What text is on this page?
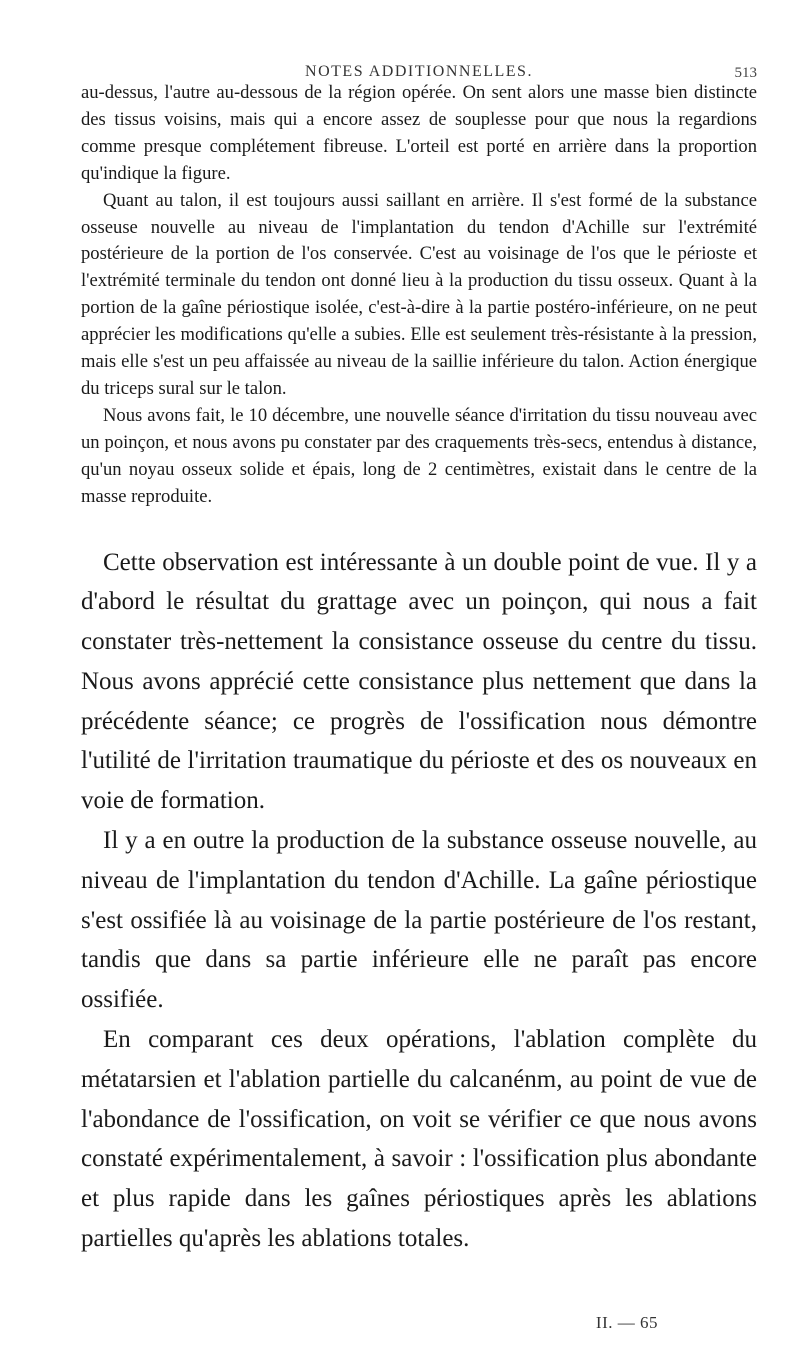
NOTES ADDITIONNELLES.	513

au-dessus, l'autre au-dessous de la région opérée. On sent alors une masse bien distincte des tissus voisins, mais qui a encore assez de souplesse pour que nous la regardions comme presque complétement fibreuse. L'orteil est porté en arrière dans la proportion qu'indique la figure.

Quant au talon, il est toujours aussi saillant en arrière. Il s'est formé de la substance osseuse nouvelle au niveau de l'implantation du tendon d'Achille sur l'extrémité postérieure de la portion de l'os conservée. C'est au voisinage de l'os que le périoste et l'extrémité terminale du tendon ont donné lieu à la production du tissu osseux. Quant à la portion de la gaîne périostique isolée, c'est-à-dire à la partie postéro-inférieure, on ne peut apprécier les modifications qu'elle a subies. Elle est seulement très-résistante à la pression, mais elle s'est un peu affaissée au niveau de la saillie inférieure du talon. Action énergique du triceps sural sur le talon.

Nous avons fait, le 10 décembre, une nouvelle séance d'irritation du tissu nouveau avec un poinçon, et nous avons pu constater par des craquements très-secs, entendus à distance, qu'un noyau osseux solide et épais, long de 2 centimètres, existait dans le centre de la masse reproduite.

Cette observation est intéressante à un double point de vue. Il y a d'abord le résultat du grattage avec un poinçon, qui nous a fait constater très-nettement la consistance osseuse du centre du tissu. Nous avons apprécié cette consistance plus nettement que dans la précédente séance; ce progrès de l'ossification nous démontre l'utilité de l'irritation traumatique du périoste et des os nouveaux en voie de formation.

Il y a en outre la production de la substance osseuse nouvelle, au niveau de l'implantation du tendon d'Achille. La gaîne périostique s'est ossifiée là au voisinage de la partie postérieure de l'os restant, tandis que dans sa partie inférieure elle ne paraît pas encore ossifiée.

En comparant ces deux opérations, l'ablation complète du métatarsien et l'ablation partielle du calcanénm, au point de vue de l'abondance de l'ossification, on voit se vérifier ce que nous avons constaté expérimentalement, à savoir : l'ossification plus abondante et plus rapide dans les gaînes périostiques après les ablations partielles qu'après les ablations totales.

II. — 65
